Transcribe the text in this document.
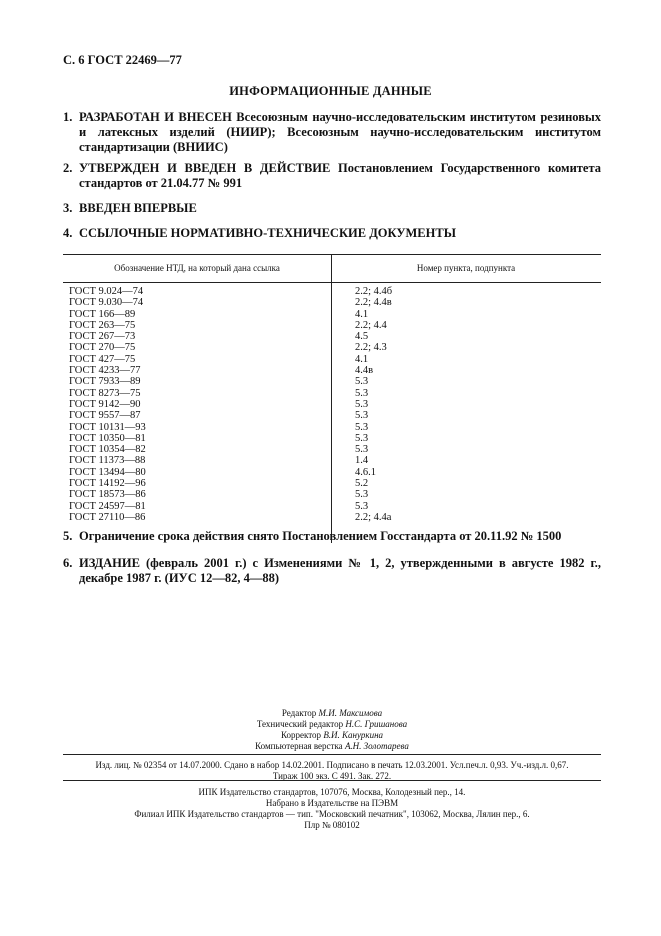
С. 6 ГОСТ 22469—77
ИНФОРМАЦИОННЫЕ ДАННЫЕ
1. РАЗРАБОТАН И ВНЕСЕН Всесоюзным научно-исследовательским институтом резиновых и латексных изделий (НИИР); Всесоюзным научно-исследовательским институтом стандартизации (ВНИИС)
2. УТВЕРЖДЕН И ВВЕДЕН В ДЕЙСТВИЕ Постановлением Государственного комитета стандартов от 21.04.77 № 991
3. ВВЕДЕН ВПЕРВЫЕ
4. ССЫЛОЧНЫЕ НОРМАТИВНО-ТЕХНИЧЕСКИЕ ДОКУМЕНТЫ
Обозначение НТД, на который дана ссылка	Номер пункта, подпункта
ГОСТ 9.024—74	2.2; 4.4б
ГОСТ 9.030—74	2.2; 4.4в
ГОСТ 166—89	4.1
ГОСТ 263—75	2.2; 4.4
ГОСТ 267—73	4.5
ГОСТ 270—75	2.2; 4.3
ГОСТ 427—75	4.1
ГОСТ 4233—77	4.4в
ГОСТ 7933—89	5.3
ГОСТ 8273—75	5.3
ГОСТ 9142—90	5.3
ГОСТ 9557—87	5.3
ГОСТ 10131—93	5.3
ГОСТ 10350—81	5.3
ГОСТ 10354—82	5.3
ГОСТ 11373—88	1.4
ГОСТ 13494—80	4.6.1
ГОСТ 14192—96	5.2
ГОСТ 18573—86	5.3
ГОСТ 24597—81	5.3
ГОСТ 27110—86	2.2; 4.4а
5. Ограничение срока действия снято Постановлением Госстандарта от 20.11.92 № 1500
6. ИЗДАНИЕ (февраль 2001 г.) с Изменениями № 1, 2, утвержденными в августе 1982 г., декабре 1987 г. (ИУС 12—82, 4—88)
Редактор М.И. Максимова
Технический редактор Н.С. Гришанова
Корректор В.И. Кануркина
Компьютерная верстка А.Н. Золотарева
Изд. лиц. № 02354 от 14.07.2000. Сдано в набор 14.02.2001. Подписано в печать 12.03.2001. Усл.печ.л. 0,93. Уч.-изд.л. 0,67.
Тираж 100 экз. С 491. Зак. 272.
ИПК Издательство стандартов, 107076, Москва, Колодезный пер., 14.
Набрано в Издательстве на ПЭВМ
Филиал ИПК Издательство стандартов — тип. "Московский печатник", 103062, Москва, Лялин пер., 6.
Плр № 080102
